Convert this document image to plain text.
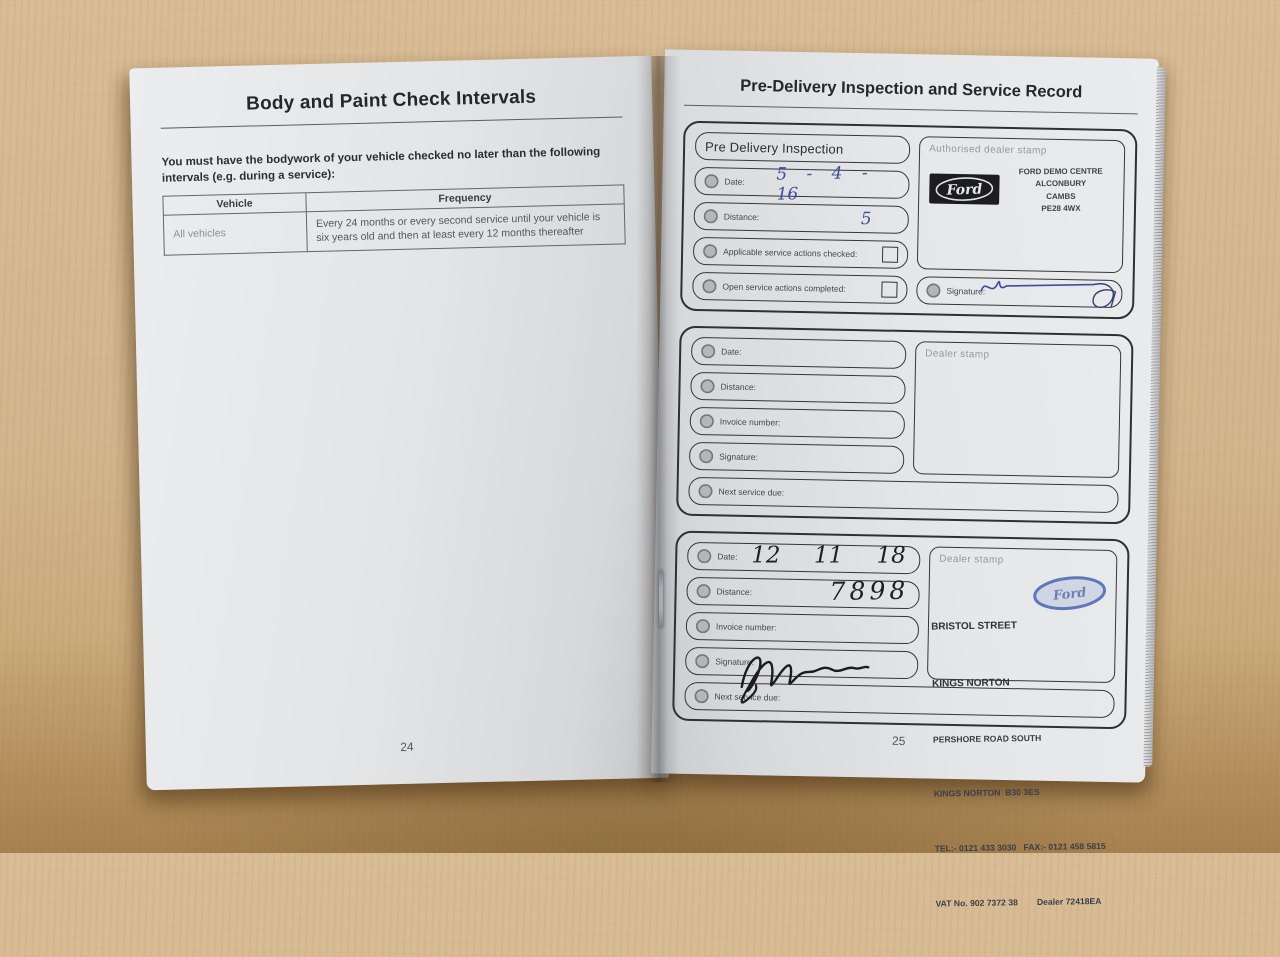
Body and Paint Check Intervals
You must have the bodywork of your vehicle checked no later than the following intervals (e.g. during a service):
Vehicle	Frequency
All vehicles	Every 24 months or every second service until your vehicle is six years old and then at least every 12 months thereafter
24
Pre-Delivery Inspection and Service Record
Pre Delivery Inspection
Date: 5 - 4 - 16
Distance:	5
Applicable service actions checked:
Open service actions completed:
Authorised dealer stamp
Ford
FORD DEMO CENTRE
ALCONBURY
CAMBS
PE28 4WX
Signature:
Date:
Distance:
Invoice number:
Signature:
Dealer stamp
Next service due:
Date: 12 11 18
Distance:	7898
Invoice number:
Signature:
Dealer stamp
Ford

BRISTOL STREET

KINGS NORTON

PERSHORE ROAD SOUTH

KINGS NORTON  B30 3ES

TEL:- 0121 433 3030   FAX:- 0121 458 5815

VAT No. 902 7372 38        Dealer 72418EA

Next service due:
25
